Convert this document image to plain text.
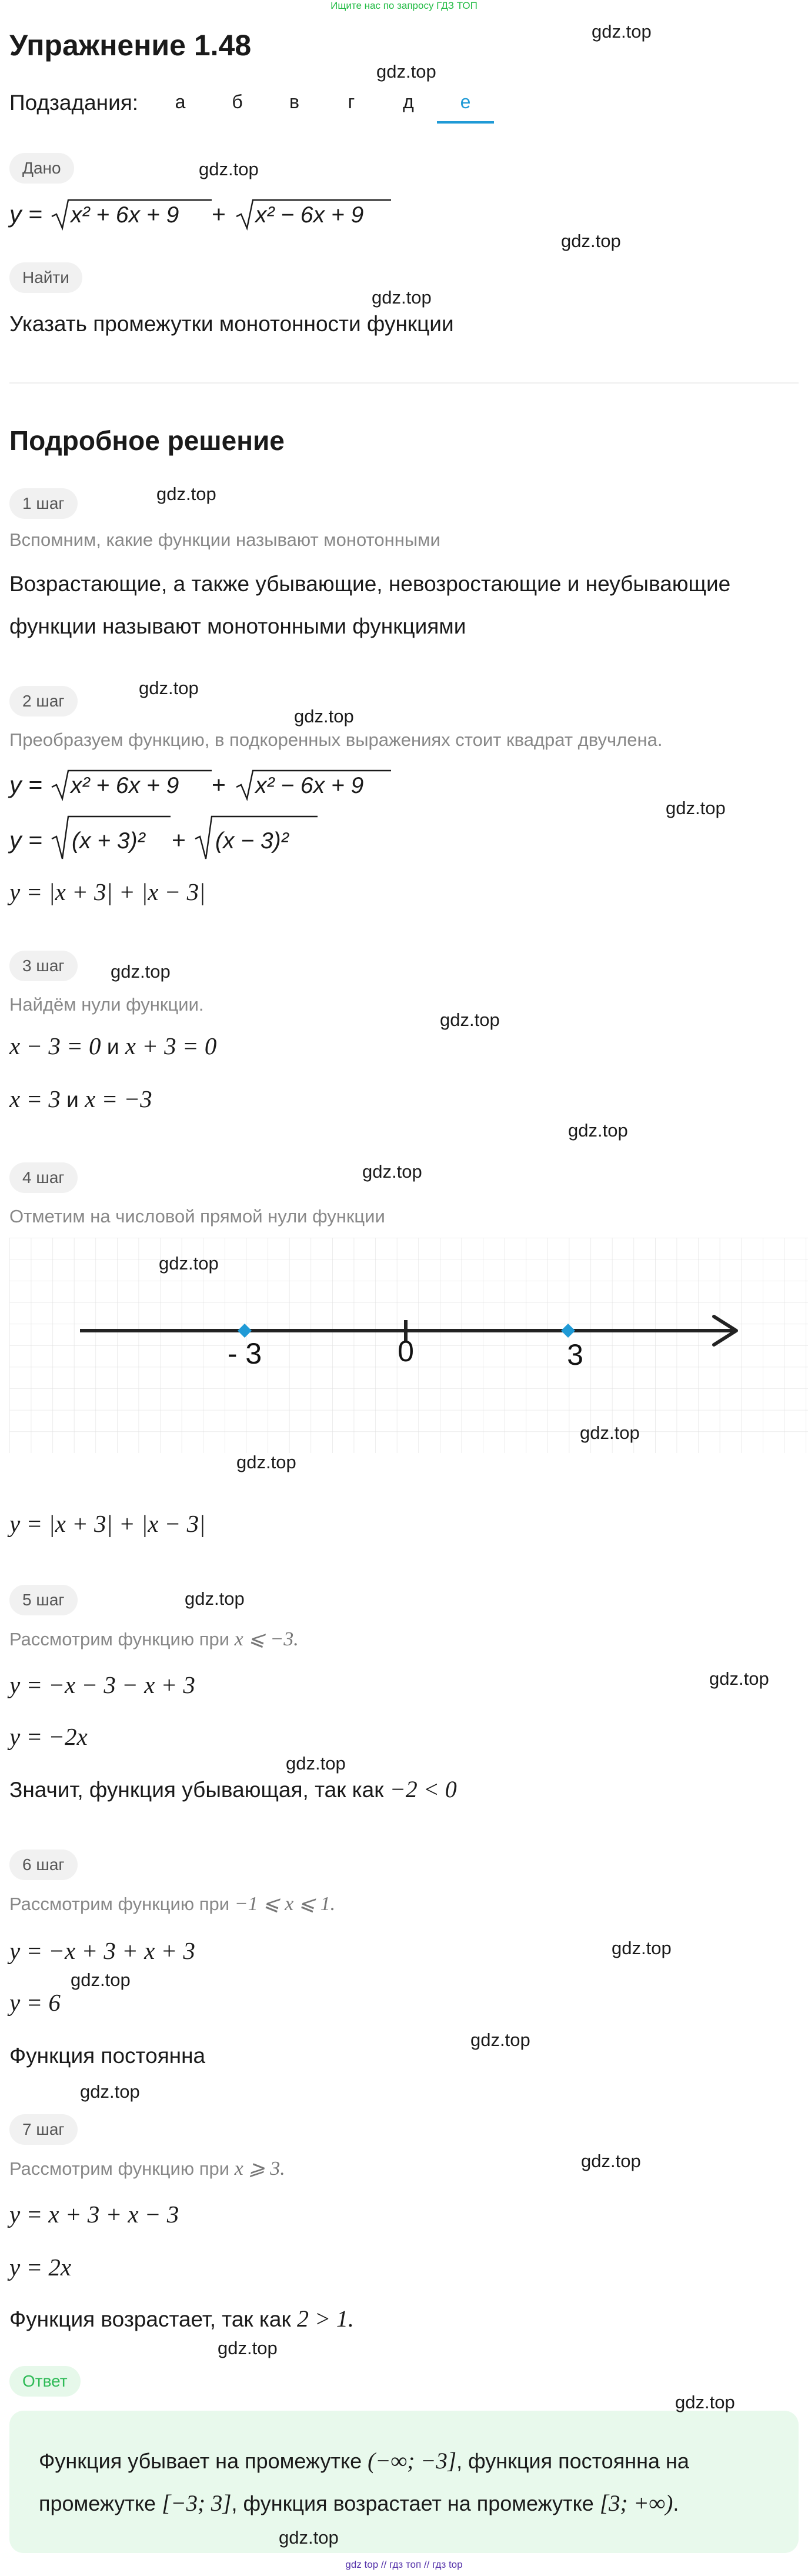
Ищите нас по запросу ГДЗ ТОП
Упражнение 1.48
Подзадания:	а	б	в	г	д	е
Дано
y = x² + 6x + 9 + x² − 6x + 9
Найти
Указать промежутки монотонности функции
Подробное решение
1 шаг
Вспомним, какие функции называют монотонными
Возрастающие, а также убывающие, невозростающие и неубывающие
функции называют монотонными функциями
2 шаг
Преобразуем функцию, в подкоренных выражениях стоит квадрат двучлена.
y = x² + 6x + 9 + x² − 6x + 9
y = (x + 3)² + (x − 3)²
y = |x + 3| + |x − 3|
3 шаг
Найдём нули функции.
x − 3 = 0 и x + 3 = 0
x = 3 и x = −3
4 шаг
Отметим на числовой прямой нули функции
- 3	0	3
y = |x + 3| + |x − 3|
5 шаг
Рассмотрим функцию при x ⩽ −3.
y = −x − 3 − x + 3
y = −2x
Значит, функция убывающая, так как −2 < 0
6 шаг
Рассмотрим функцию при −1 ⩽ x ⩽ 1.
y = −x + 3 + x + 3
y = 6
Функция постоянна
7 шаг
Рассмотрим функцию при x ⩾ 3.
y = x + 3 + x − 3
y = 2x
Функция возрастает, так как 2 > 1.
Ответ
Функция убывает на промежутке (−∞; −3], функция постоянна на
промежутке [−3; 3], функция возрастает на промежутке [3; +∞).
gdz top // гдз топ // гдз top
gdz.top
gdz.top
gdz.top
gdz.top
gdz.top
gdz.top
gdz.top
gdz.top
gdz.top
gdz.top
gdz.top
gdz.top
gdz.top
gdz.top
gdz.top
gdz.top
gdz.top
gdz.top
gdz.top
gdz.top
gdz.top
gdz.top
gdz.top
gdz.top
gdz.top
gdz.top
gdz.top
